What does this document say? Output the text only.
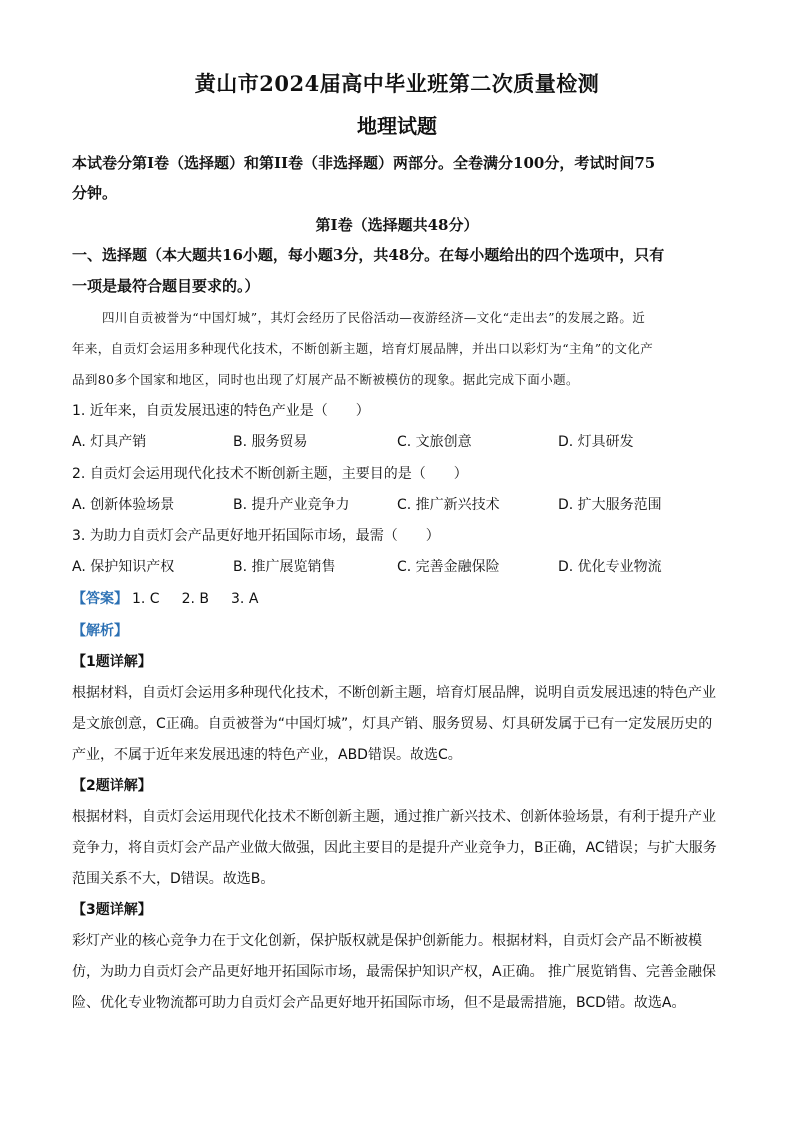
黄山市2024届高中毕业班第二次质量检测
地理试题
本试卷分第I卷（选择题）和第II卷（非选择题）两部分。全卷满分100分，考试时间75
分钟。
第I卷（选择题共48分）
一、选择题（本大题共16小题，每小题3分，共48分。在每小题给出的四个选项中，只有
一项是最符合题目要求的。）
四川自贡被誉为“中国灯城”，其灯会经历了民俗活动—夜游经济—文化“走出去”的发展之路。近
年来，自贡灯会运用多种现代化技术，不断创新主题，培育灯展品牌，并出口以彩灯为“主角”的文化产
品到80多个国家和地区，同时也出现了灯展产品不断被模仿的现象。据此完成下面小题。
1. 近年来，自贡发展迅速的特色产业是（　　）
A. 灯具产销	B. 服务贸易	C. 文旅创意	D. 灯具研发
2. 自贡灯会运用现代化技术不断创新主题，主要目的是（　　）
A. 创新体验场景	B. 提升产业竞争力	C. 推广新兴技术	D. 扩大服务范围
3. 为助力自贡灯会产品更好地开拓国际市场，最需（　　）
A. 保护知识产权	B. 推广展览销售	C. 完善金融保险	D. 优化专业物流
【答案】 1. C 2. B 3. A
【解析】
【1题详解】
根据材料，自贡灯会运用多种现代化技术，不断创新主题，培育灯展品牌，说明自贡发展迅速的特色产业
是文旅创意，C正确。自贡被誉为“中国灯城”，灯具产销、服务贸易、灯具研发属于已有一定发展历史的
产业，不属于近年来发展迅速的特色产业，ABD错误。故选C。
【2题详解】
根据材料，自贡灯会运用现代化技术不断创新主题，通过推广新兴技术、创新体验场景，有利于提升产业
竞争力，将自贡灯会产品产业做大做强，因此主要目的是提升产业竞争力，B正确，AC错误；与扩大服务
范围关系不大，D错误。故选B。
【3题详解】
彩灯产业的核心竞争力在于文化创新，保护版权就是保护创新能力。根据材料，自贡灯会产品不断被模
仿，为助力自贡灯会产品更好地开拓国际市场，最需保护知识产权，A正确。 推广展览销售、完善金融保
险、优化专业物流都可助力自贡灯会产品更好地开拓国际市场，但不是最需措施，BCD错。故选A。
